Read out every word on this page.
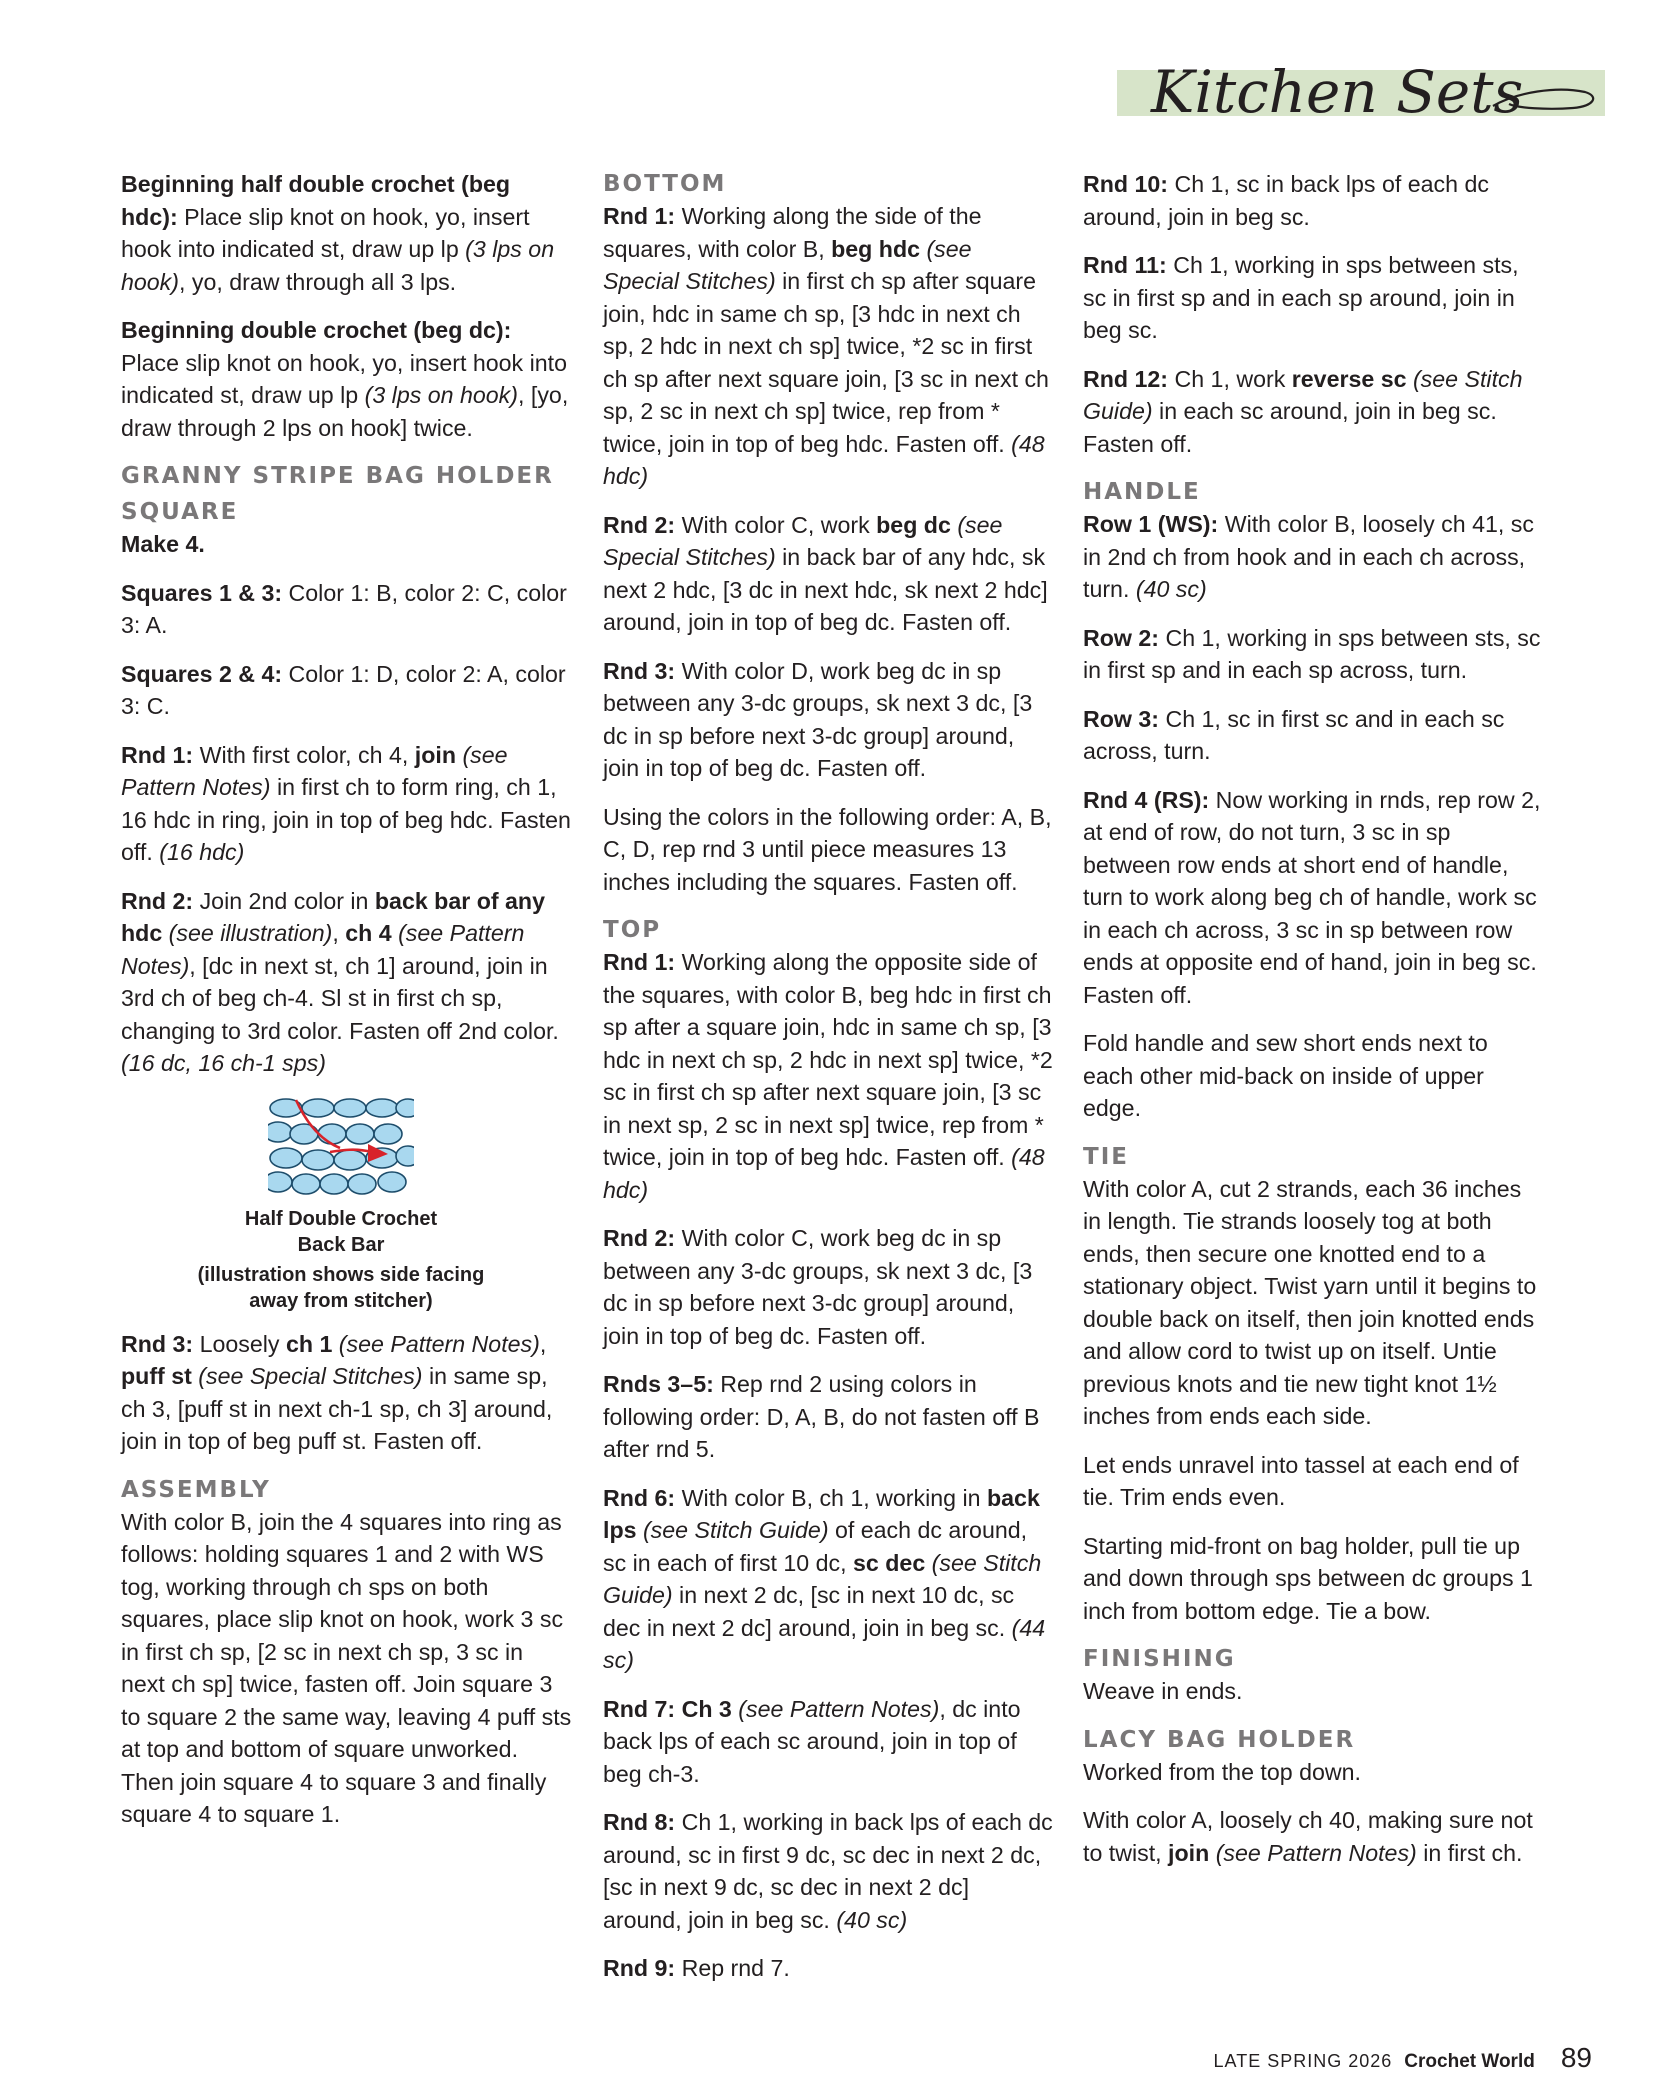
Kitchen Sets

Beginning half double crochet (beg hdc): Place slip knot on hook, yo, insert hook into indicated st, draw up lp (3 lps on hook), yo, draw through all 3 lps.

Beginning double crochet (beg dc): Place slip knot on hook, yo, insert hook into indicated st, draw up lp (3 lps on hook), [yo, draw through 2 lps on hook] twice.

GRANNY STRIPE BAG HOLDER
SQUARE

Make 4.

Squares 1 & 3: Color 1: B, color 2: C, color 3: A.

Squares 2 & 4: Color 1: D, color 2: A, color 3: C.

Rnd 1: With first color, ch 4, join (see Pattern Notes) in first ch to form ring, ch 1, 16 hdc in ring, join in top of beg hdc. Fasten off. (16 hdc)

Rnd 2: Join 2nd color in back bar of any hdc (see illustration), ch 4 (see Pattern Notes), [dc in next st, ch 1] around, join in 3rd ch of beg ch-4. Sl st in first ch sp, changing to 3rd color. Fasten off 2nd color. (16 dc, 16 ch-1 sps)

Half Double Crochet
Back Bar
(illustration shows side facing
away from stitcher)

Rnd 3: Loosely ch 1 (see Pattern Notes), puff st (see Special Stitches) in same sp, ch 3, [puff st in next ch-1 sp, ch 3] around, join in top of beg puff st. Fasten off.

ASSEMBLY

With color B, join the 4 squares into ring as follows: holding squares 1 and 2 with WS tog, working through ch sps on both squares, place slip knot on hook, work 3 sc in first ch sp, [2 sc in next ch sp, 3 sc in next ch sp] twice, fasten off. Join square 3 to square 2 the same way, leaving 4 puff sts at top and bottom of square unworked. Then join square 4 to square 3 and finally square 4 to square 1.

BOTTOM

Rnd 1: Working along the side of the squares, with color B, beg hdc (see Special Stitches) in first ch sp after square join, hdc in same ch sp, [3 hdc in next ch sp, 2 hdc in next ch sp] twice, *2 sc in first ch sp after next square join, [3 sc in next ch sp, 2 sc in next ch sp] twice, rep from * twice, join in top of beg hdc. Fasten off. (48 hdc)

Rnd 2: With color C, work beg dc (see Special Stitches) in back bar of any hdc, sk next 2 hdc, [3 dc in next hdc, sk next 2 hdc] around, join in top of beg dc. Fasten off.

Rnd 3: With color D, work beg dc in sp between any 3-dc groups, sk next 3 dc, [3 dc in sp before next 3-dc group] around, join in top of beg dc. Fasten off.

Using the colors in the following order: A, B, C, D, rep rnd 3 until piece measures 13 inches including the squares. Fasten off.

TOP

Rnd 1: Working along the opposite side of the squares, with color B, beg hdc in first ch sp after a square join, hdc in same ch sp, [3 hdc in next ch sp, 2 hdc in next sp] twice, *2 sc in first ch sp after next square join, [3 sc in next sp, 2 sc in next sp] twice, rep from * twice, join in top of beg hdc. Fasten off. (48 hdc)

Rnd 2: With color C, work beg dc in sp between any 3-dc groups, sk next 3 dc, [3 dc in sp before next 3-dc group] around, join in top of beg dc. Fasten off.

Rnds 3–5: Rep rnd 2 using colors in following order: D, A, B, do not fasten off B after rnd 5.

Rnd 6: With color B, ch 1, working in back lps (see Stitch Guide) of each dc around, sc in each of first 10 dc, sc dec (see Stitch Guide) in next 2 dc, [sc in next 10 dc, sc dec in next 2 dc] around, join in beg sc. (44 sc)

Rnd 7: Ch 3 (see Pattern Notes), dc into back lps of each sc around, join in top of beg ch-3.

Rnd 8: Ch 1, working in back lps of each dc around, sc in first 9 dc, sc dec in next 2 dc, [sc in next 9 dc, sc dec in next 2 dc] around, join in beg sc. (40 sc)

Rnd 9: Rep rnd 7.

Rnd 10: Ch 1, sc in back lps of each dc around, join in beg sc.

Rnd 11: Ch 1, working in sps between sts, sc in first sp and in each sp around, join in beg sc.

Rnd 12: Ch 1, work reverse sc (see Stitch Guide) in each sc around, join in beg sc. Fasten off.

HANDLE

Row 1 (WS): With color B, loosely ch 41, sc in 2nd ch from hook and in each ch across, turn. (40 sc)

Row 2: Ch 1, working in sps between sts, sc in first sp and in each sp across, turn.

Row 3: Ch 1, sc in first sc and in each sc across, turn.

Rnd 4 (RS): Now working in rnds, rep row 2, at end of row, do not turn, 3 sc in sp between row ends at short end of handle, turn to work along beg ch of handle, work sc in each ch across, 3 sc in sp between row ends at opposite end of hand, join in beg sc. Fasten off.

Fold handle and sew short ends next to each other mid-back on inside of upper edge.

TIE

With color A, cut 2 strands, each 36 inches in length. Tie strands loosely tog at both ends, then secure one knotted end to a stationary object. Twist yarn until it begins to double back on itself, then join knotted ends and allow cord to twist up on itself. Untie previous knots and tie new tight knot 1½ inches from ends each side.

Let ends unravel into tassel at each end of tie. Trim ends even.

Starting mid-front on bag holder, pull tie up and down through sps between dc groups 1 inch from bottom edge. Tie a bow.

FINISHING

Weave in ends.

LACY BAG HOLDER

Worked from the top down.

With color A, loosely ch 40, making sure not to twist, join (see Pattern Notes) in first ch.

LATE SPRING 2026 Crochet World 89
